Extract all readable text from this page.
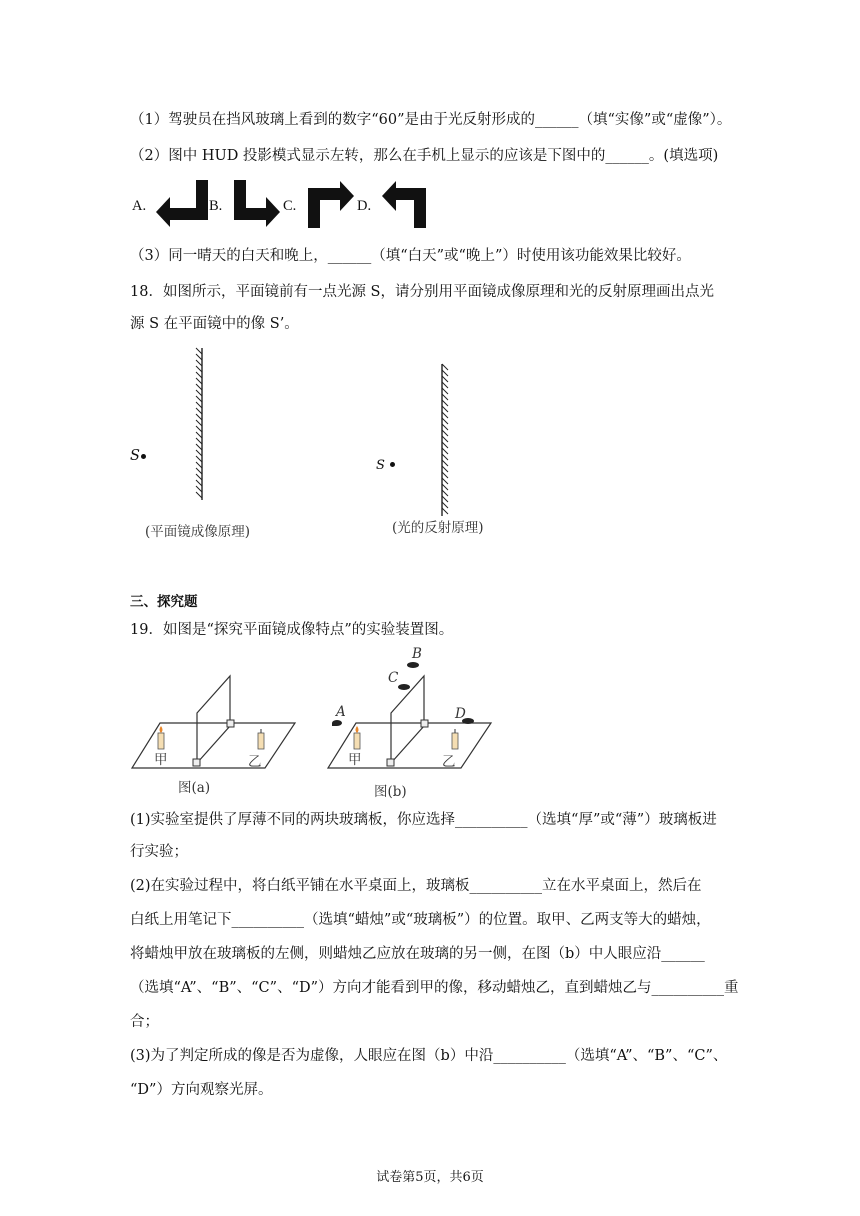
（1）驾驶员在挡风玻璃上看到的数字“60”是由于光反射形成的______（填“实像”或“虚像”）。
（2）图中 HUD 投影模式显示左转，那么在手机上显示的应该是下图中的______。(填选项)
A.	B.	C.	D.
（3）同一晴天的白天和晚上，______（填“白天”或“晚上”）时使用该功能效果比较好。
18．如图所示，平面镜前有一点光源 S，请分别用平面镜成像原理和光的反射原理画出点光
源 S 在平面镜中的像 S’。
S
(平面镜成像原理)
S
(光的反射原理)
三、探究题
19．如图是“探究平面镜成像特点”的实验装置图。
甲	乙
图(a)
A
B
C
D
甲	乙
图(b)
(1)实验室提供了厚薄不同的两块玻璃板，你应选择__________（选填“厚”或“薄”）玻璃板进
行实验；
(2)在实验过程中，将白纸平铺在水平桌面上，玻璃板__________立在水平桌面上，然后在
白纸上用笔记下__________（选填“蜡烛”或“玻璃板”）的位置。取甲、乙两支等大的蜡烛，
将蜡烛甲放在玻璃板的左侧，则蜡烛乙应放在玻璃的另一侧，在图（b）中人眼应沿______
（选填“A”、“B”、“C”、“D”）方向才能看到甲的像，移动蜡烛乙，直到蜡烛乙与__________重
合；
(3)为了判定所成的像是否为虚像，人眼应在图（b）中沿__________（选填“A”、“B”、“C”、
“D”）方向观察光屏。
试卷第5页，共6页
